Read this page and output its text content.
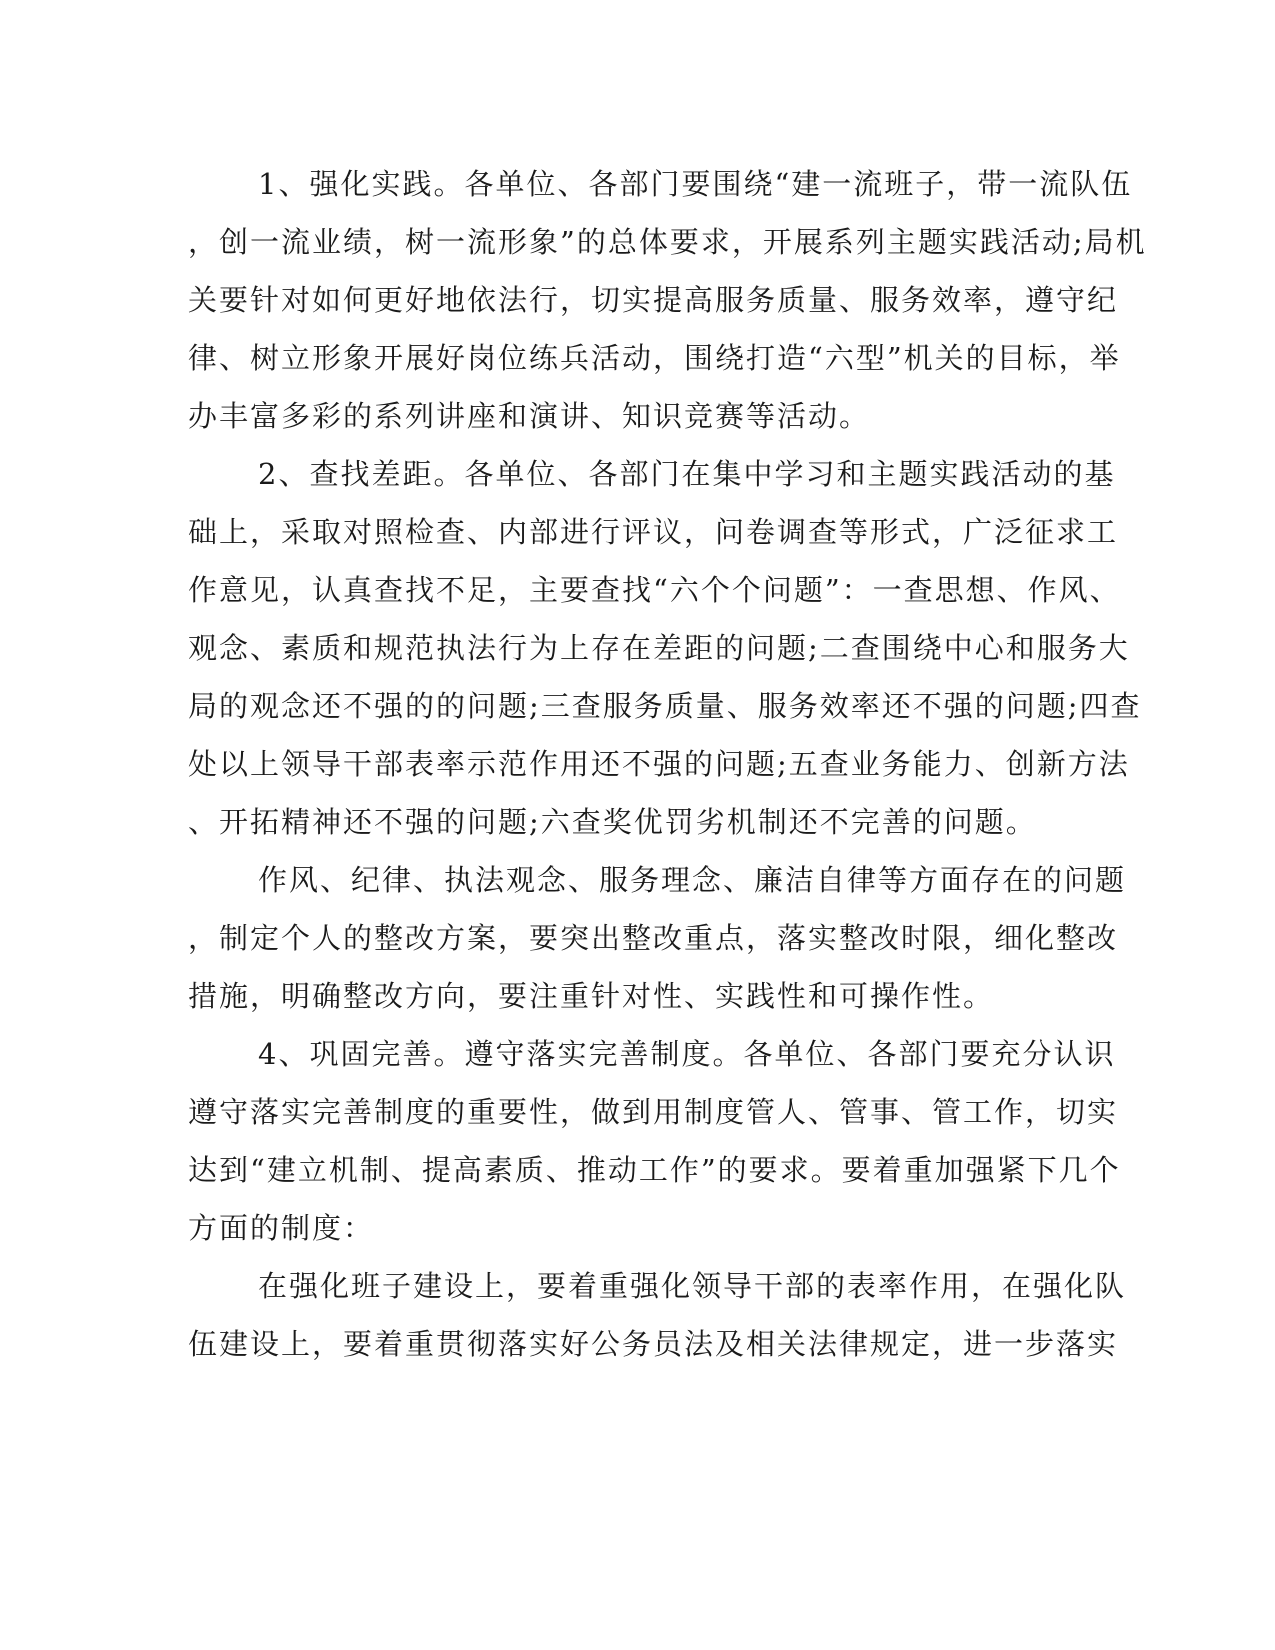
1、强化实践。各单位、各部门要围绕“建一流班子，带一流队伍
，创一流业绩，树一流形象”的总体要求，开展系列主题实践活动;局机
关要针对如何更好地依法行，切实提高服务质量、服务效率，遵守纪
律、树立形象开展好岗位练兵活动，围绕打造“六型”机关的目标，举
办丰富多彩的系列讲座和演讲、知识竞赛等活动。
2、查找差距。各单位、各部门在集中学习和主题实践活动的基
础上，采取对照检查、内部进行评议，问卷调查等形式，广泛征求工
作意见，认真查找不足，主要查找“六个个问题”：一查思想、作风、
观念、素质和规范执法行为上存在差距的问题;二查围绕中心和服务大
局的观念还不强的的问题;三查服务质量、服务效率还不强的问题;四查
处以上领导干部表率示范作用还不强的问题;五查业务能力、创新方法
、开拓精神还不强的问题;六查奖优罚劣机制还不完善的问题。
作风、纪律、执法观念、服务理念、廉洁自律等方面存在的问题
，制定个人的整改方案，要突出整改重点，落实整改时限，细化整改
措施，明确整改方向，要注重针对性、实践性和可操作性。
4、巩固完善。遵守落实完善制度。各单位、各部门要充分认识
遵守落实完善制度的重要性，做到用制度管人、管事、管工作，切实
达到“建立机制、提高素质、推动工作”的要求。要着重加强紧下几个
方面的制度：
在强化班子建设上，要着重强化领导干部的表率作用，在强化队
伍建设上，要着重贯彻落实好公务员法及相关法律规定，进一步落实
